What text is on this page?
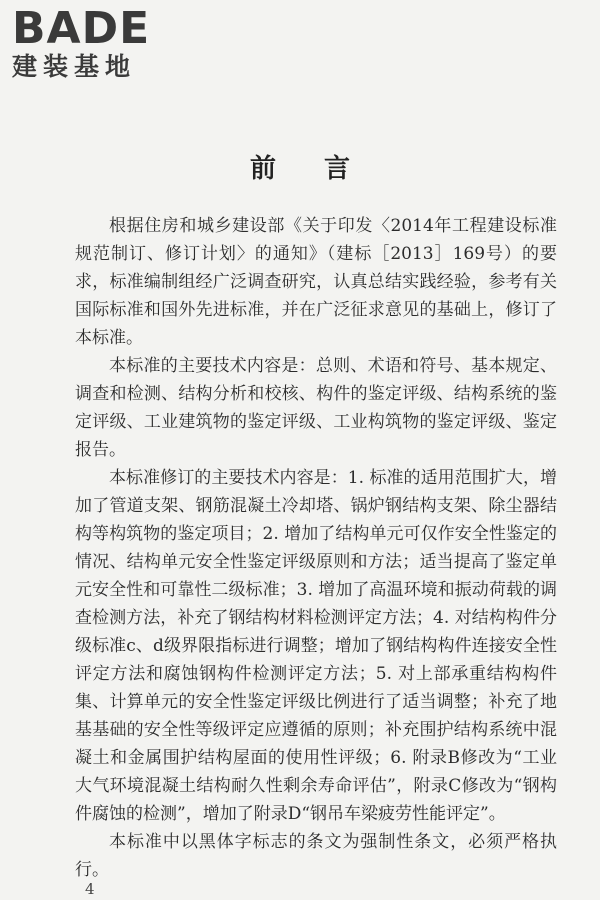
BADE
建装基地
前言

根据住房和城乡建设部《关于印发〈2014年工程建设标准规范制订、修订计划〉的通知》（建标［2013］169号）的要求，标准编制组经广泛调查研究，认真总结实践经验，参考有关国际标准和国外先进标准，并在广泛征求意见的基础上，修订了本标准。

本标准的主要技术内容是：总则、术语和符号、基本规定、调查和检测、结构分析和校核、构件的鉴定评级、结构系统的鉴定评级、工业建筑物的鉴定评级、工业构筑物的鉴定评级、鉴定报告。

本标准修订的主要技术内容是：1. 标准的适用范围扩大，增加了管道支架、钢筋混凝土冷却塔、锅炉钢结构支架、除尘器结构等构筑物的鉴定项目；2. 增加了结构单元可仅作安全性鉴定的情况、结构单元安全性鉴定评级原则和方法；适当提高了鉴定单元安全性和可靠性二级标准；3. 增加了高温环境和振动荷载的调查检测方法，补充了钢结构材料检测评定方法；4. 对结构构件分级标准c、d级界限指标进行调整；增加了钢结构构件连接安全性评定方法和腐蚀钢构件检测评定方法；5. 对上部承重结构构件集、计算单元的安全性鉴定评级比例进行了适当调整；补充了地基基础的安全性等级评定应遵循的原则；补充围护结构系统中混凝土和金属围护结构屋面的使用性评级；6. 附录B修改为“工业大气环境混凝土结构耐久性剩余寿命评估”，附录C修改为“钢构件腐蚀的检测”，增加了附录D“钢吊车梁疲劳性能评定”。

本标准中以黑体字标志的条文为强制性条文，必须严格执行。

4
